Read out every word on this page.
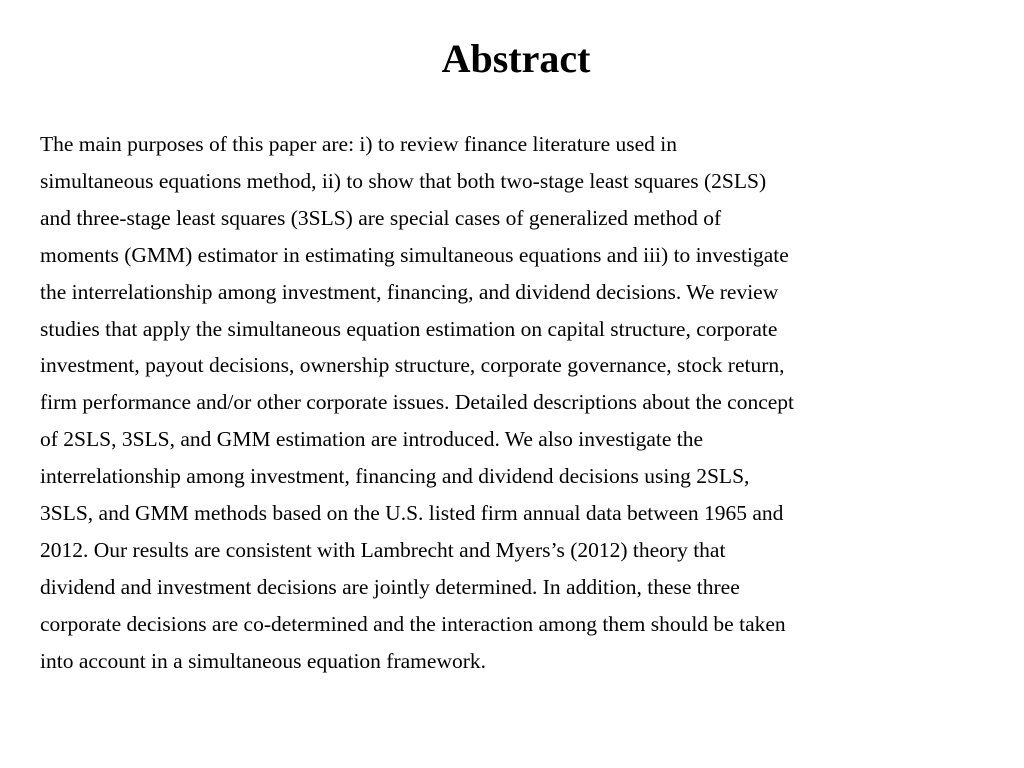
Abstract
The main purposes of this paper are: i) to review finance literature used in
simultaneous equations method, ii) to show that both two-stage least squares (2SLS)
and three-stage least squares (3SLS) are special cases of generalized method of
moments (GMM) estimator in estimating simultaneous equations and iii) to investigate
the interrelationship among investment, financing, and dividend decisions. We review
studies that apply the simultaneous equation estimation on capital structure, corporate
investment, payout decisions, ownership structure, corporate governance, stock return,
firm performance and/or other corporate issues. Detailed descriptions about the concept
of 2SLS, 3SLS, and GMM estimation are introduced. We also investigate the
interrelationship among investment, financing and dividend decisions using 2SLS,
3SLS, and GMM methods based on the U.S. listed firm annual data between 1965 and
2012. Our results are consistent with Lambrecht and Myers’s (2012) theory that
dividend and investment decisions are jointly determined. In addition, these three
corporate decisions are co-determined and the interaction among them should be taken
into account in a simultaneous equation framework.
